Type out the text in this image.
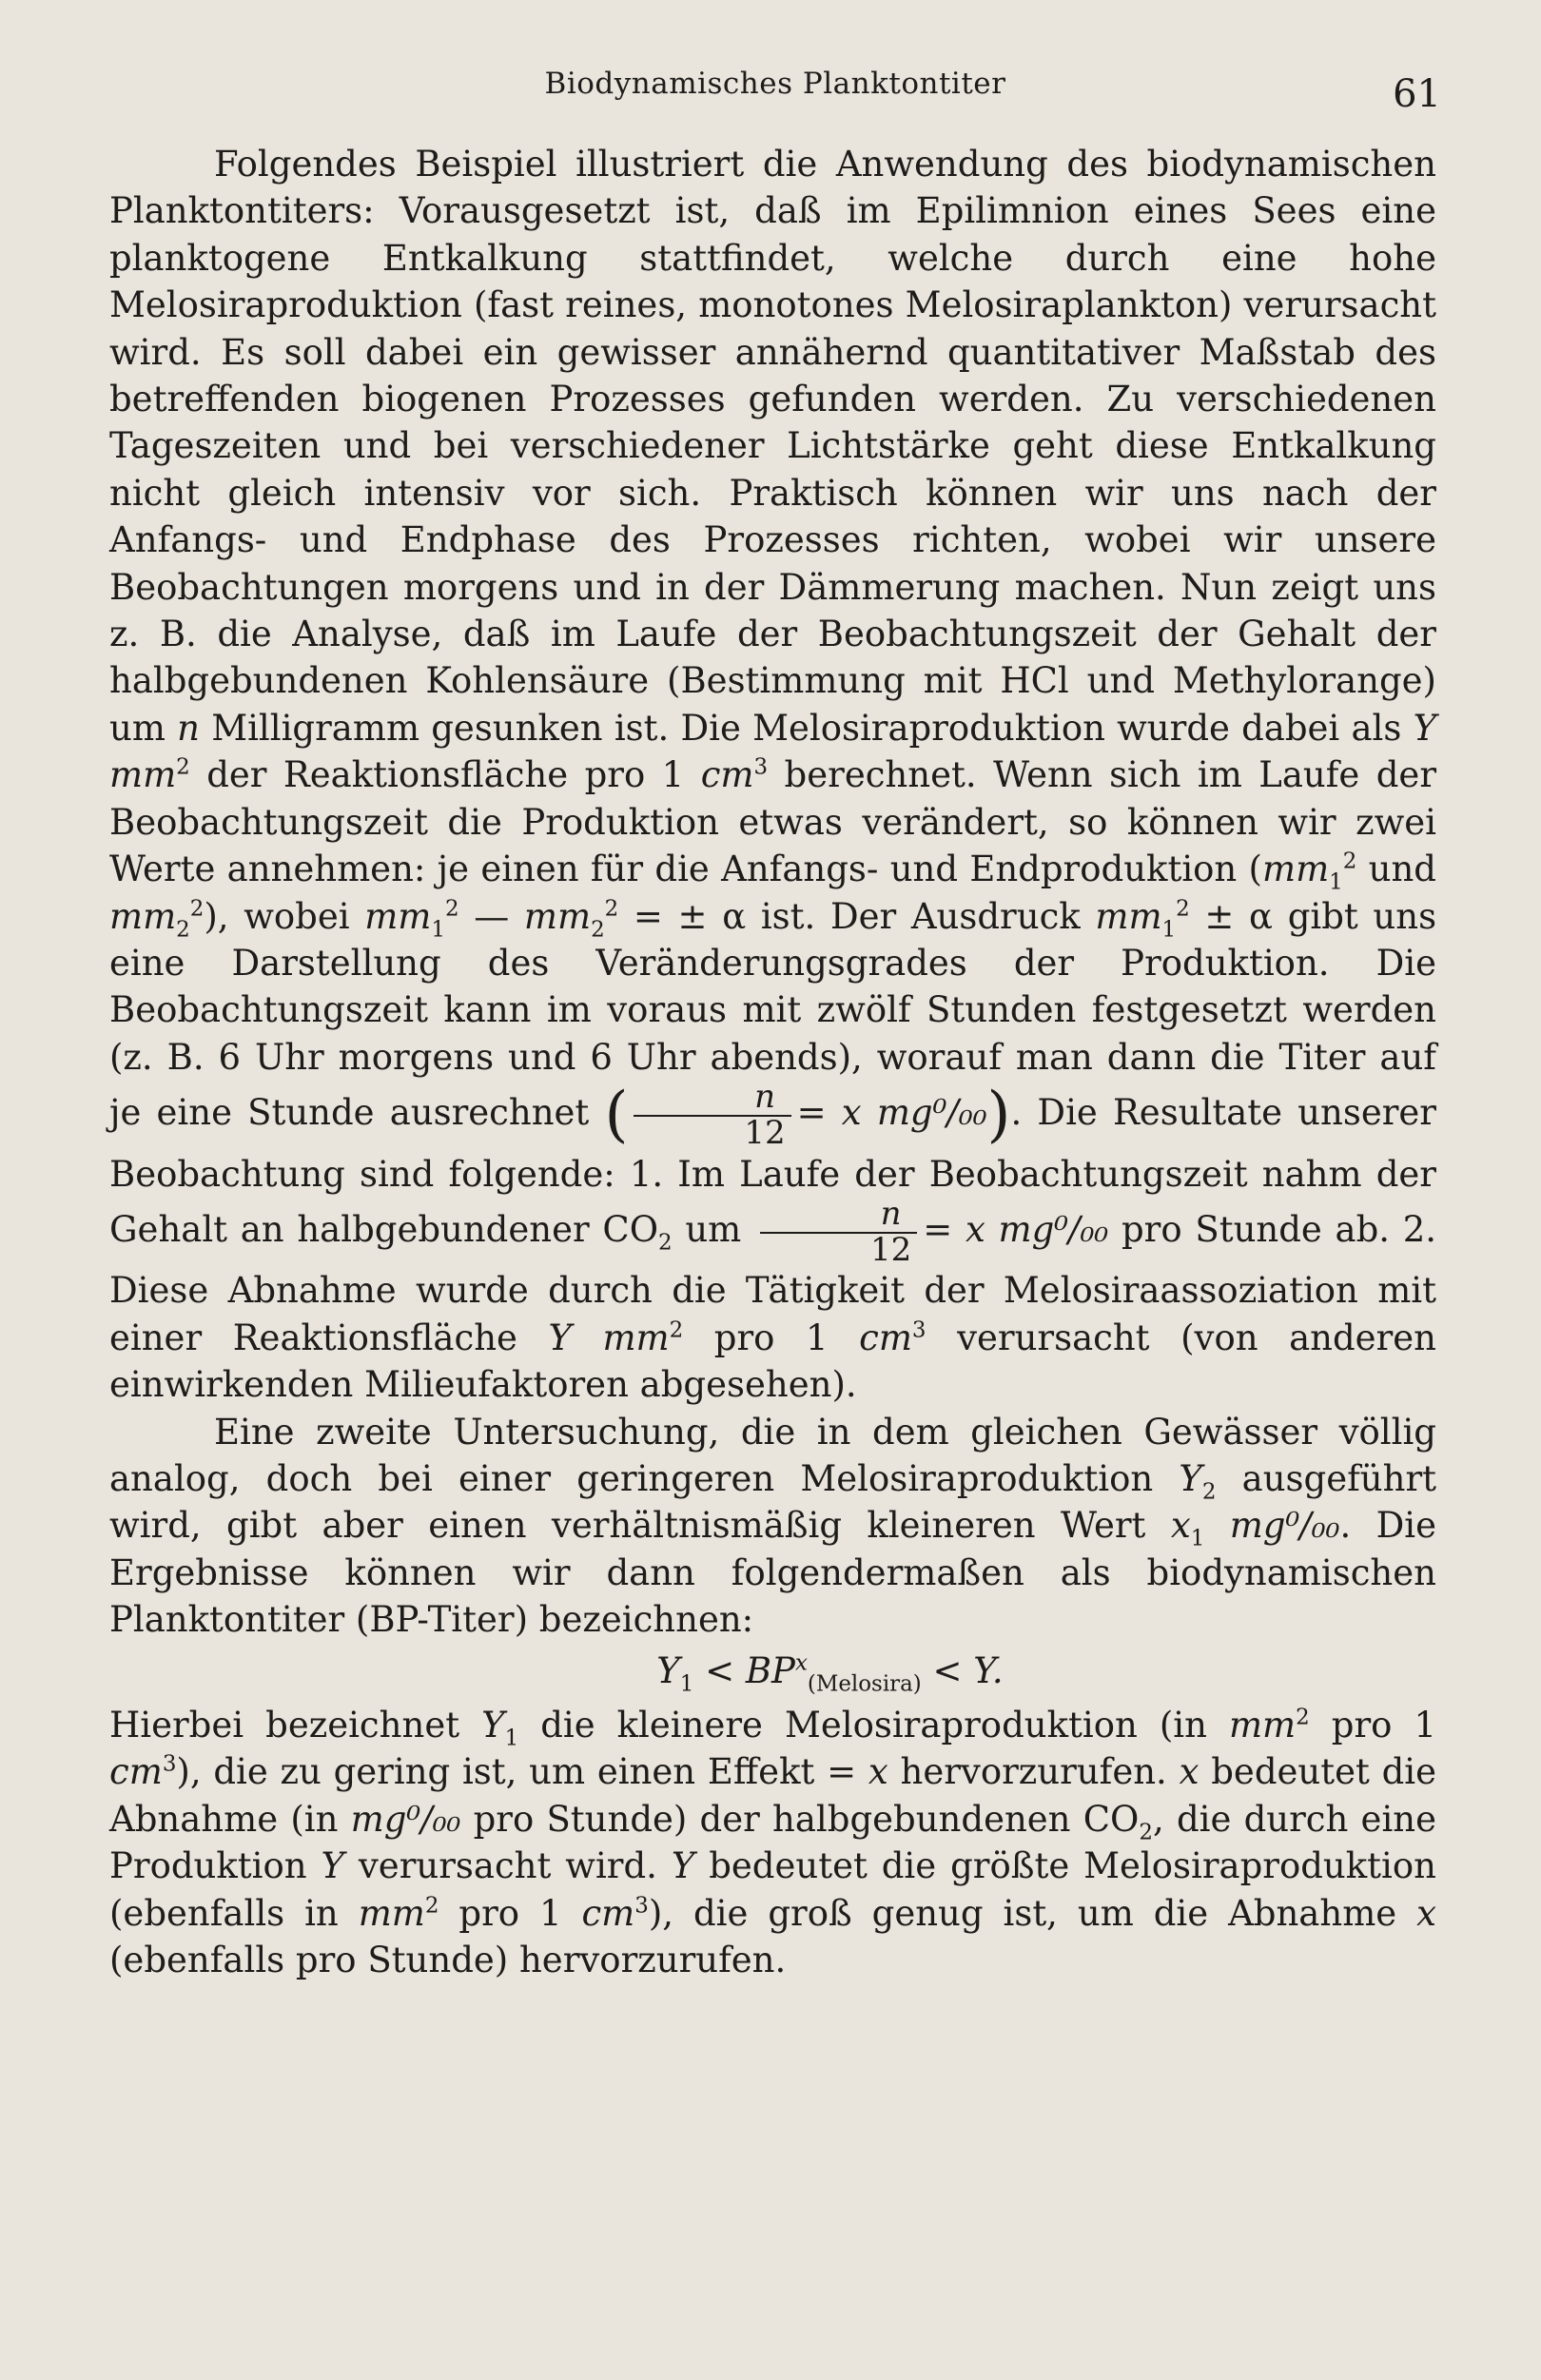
Biodynamisches Planktontiter	61

Folgendes Beispiel illustriert die Anwendung des biodynamischen Planktontiters: Vorausgesetzt ist, daß im Epilimnion eines Sees eine planktogene Entkalkung stattfindet, welche durch eine hohe Melosiraproduktion (fast reines, monotones Melosiraplankton) verursacht wird. Es soll dabei ein gewisser annähernd quantitativer Maßstab des betreffenden biogenen Prozesses gefunden werden. Zu verschiedenen Tageszeiten und bei verschiedener Lichtstärke geht diese Entkalkung nicht gleich intensiv vor sich. Praktisch können wir uns nach der Anfangs- und Endphase des Prozesses richten, wobei wir unsere Beobachtungen morgens und in der Dämmerung machen. Nun zeigt uns z. B. die Analyse, daß im Laufe der Beobachtungszeit der Gehalt der halbgebundenen Kohlensäure (Bestimmung mit HCl und Methylorange) um n Milligramm gesunken ist. Die Melosiraproduktion wurde dabei als Y $mm^2$ der Reaktionsfläche pro 1 $cm^3$ berechnet. Wenn sich im Laufe der Beobachtungszeit die Produktion etwas verändert, so können wir zwei Werte annehmen: je einen für die Anfangs- und Endproduktion ($mm_1^2$ und $mm_2^2$), wobei $mm_1^2$ — $mm_2^2$ = ± α ist. Der Ausdruck $mm_1^2 \pm \alpha$ gibt uns eine Darstellung des Veränderungsgrades der Produktion. Die Beobachtungszeit kann im voraus mit zwölf Stunden festgesetzt werden (z. B. 6 Uhr morgens und 6 Uhr abends), worauf man dann die Titer auf je eine Stunde ausrechnet ( $\frac{n}{12} = x$ mg⁰/₀₀). Die Resultate unserer Beobachtung sind folgende: 1. Im Laufe der Beobachtungszeit nahm der Gehalt an halbgebundener $CO_2$ um $\frac{n}{12} = x$ mg⁰/₀₀ pro Stunde ab. 2. Diese Abnahme wurde durch die Tätigkeit der Melosiraassoziation mit einer Reaktionsfläche Y $mm^2$ pro 1 $cm^3$ verursacht (von anderen einwirkenden Milieufaktoren abgesehen).

Eine zweite Untersuchung, die in dem gleichen Gewässer völlig analog, doch bei einer geringeren Melosiraproduktion $Y_2$ ausgeführt wird, gibt aber einen verhältnismäßig kleineren Wert $x_1$ mg⁰/₀₀. Die Ergebnisse können wir dann folgendermaßen als biodynamischen Planktontiter (BP-Titer) bezeichnen:

$Y_1 < BP^x_{(Melosira)} < Y$.

Hierbei bezeichnet $Y_1$ die kleinere Melosiraproduktion (in $mm^2$ pro 1 $cm^3$), die zu gering ist, um einen Effekt = x hervorzurufen. x bedeutet die Abnahme (in mg⁰/₀₀ pro Stunde) der halbgebundenen $CO_2$, die durch eine Produktion Y verursacht wird. Y bedeutet die größte Melosiraproduktion (ebenfalls in $mm^2$ pro 1 $cm^3$), die groß genug ist, um die Abnahme x (ebenfalls pro Stunde) hervorzurufen.
